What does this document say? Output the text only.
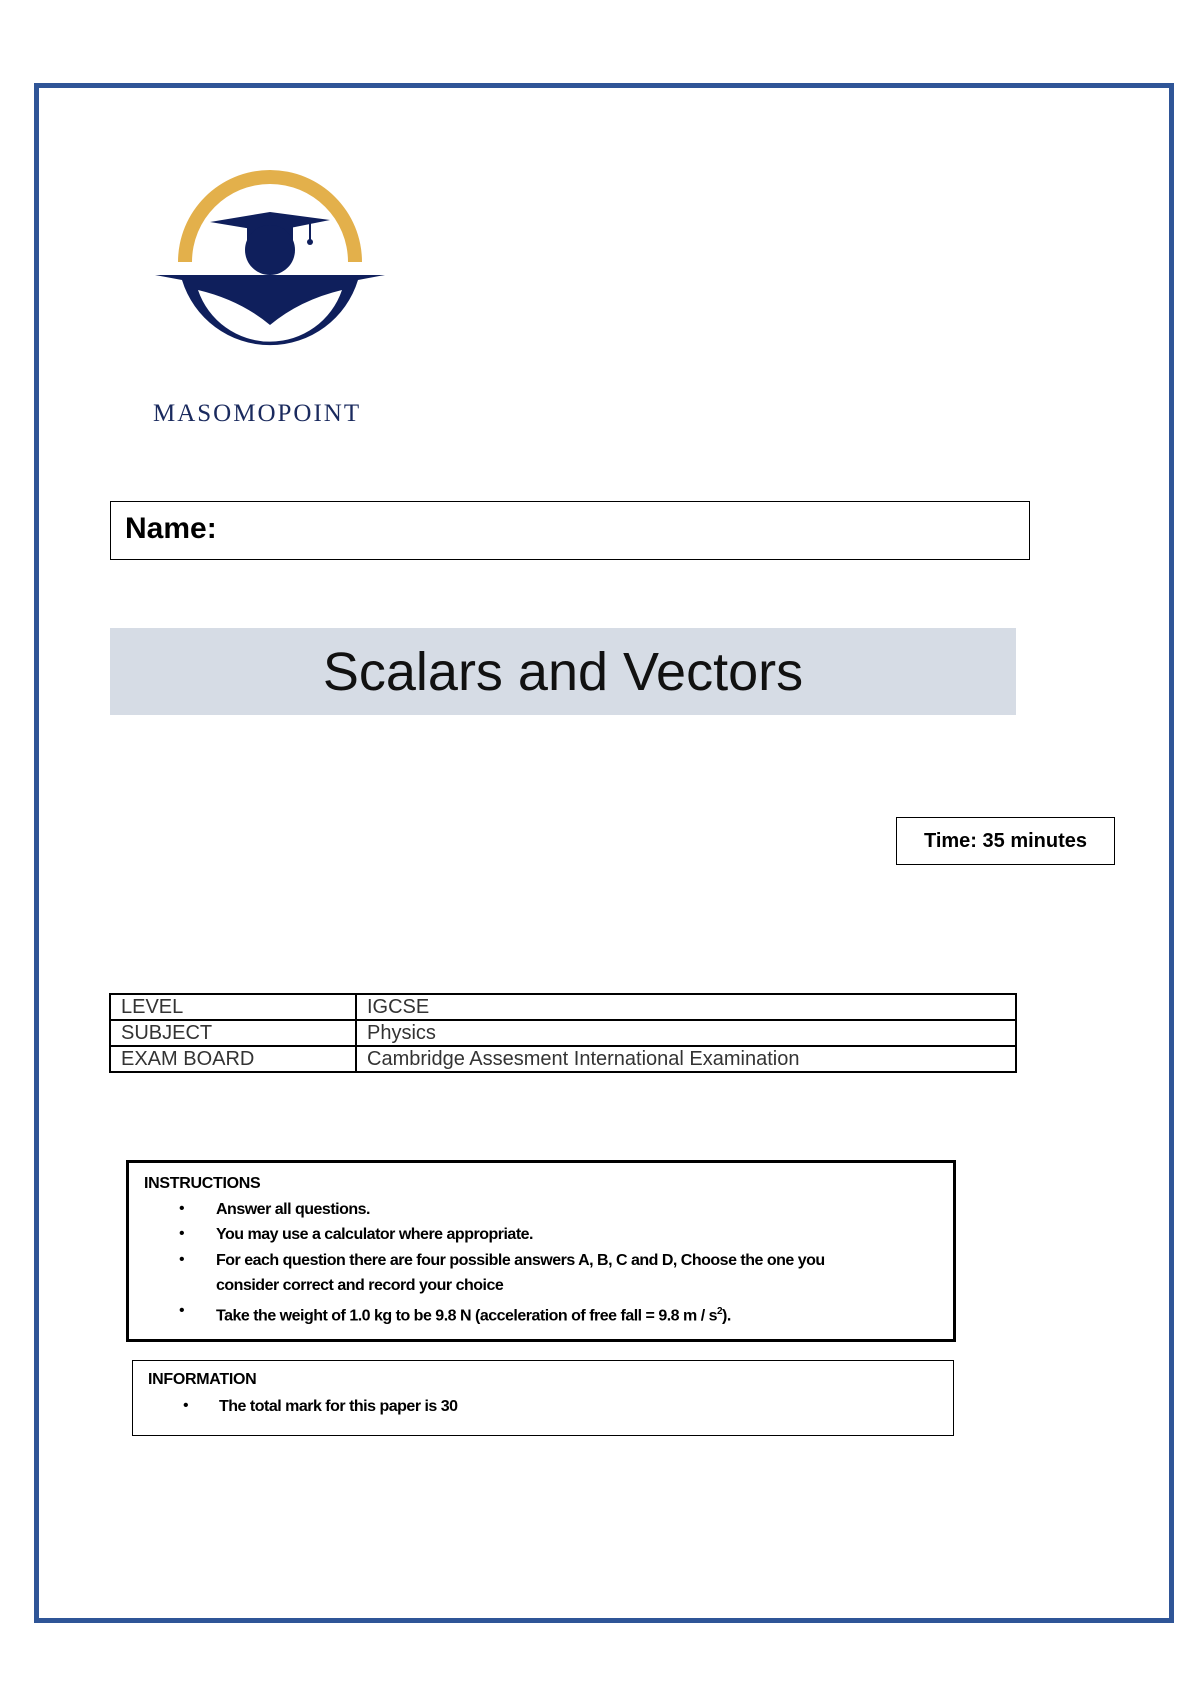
MASOMOPOINT
Name:
Scalars and Vectors
Time: 35 minutes
LEVEL	IGCSE
SUBJECT	Physics
EXAM BOARD	Cambridge Assesment International Examination
INSTRUCTIONS
• Answer all questions.
• You may use a calculator where appropriate.
• For each question there are four possible answers A, B, C and D, Choose the one you
consider correct and record your choice
• Take the weight of 1.0 kg to be 9.8 N (acceleration of free fall = 9.8 m / $s^2$).
INFORMATION
• The total mark for this paper is 30
